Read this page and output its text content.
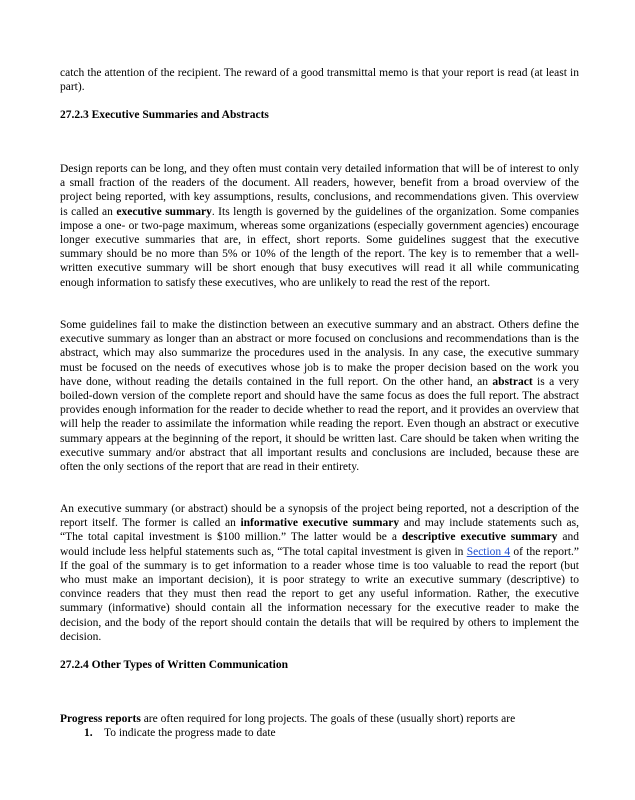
catch the attention of the recipient. The reward of a good transmittal memo is that your report is read (at least in part).

27.2.3 Executive Summaries and Abstracts

Design reports can be long, and they often must contain very detailed information that will be of interest to only a small fraction of the readers of the document. All readers, however, benefit from a broad overview of the project being reported, with key assumptions, results, conclusions, and recommendations given. This overview is called an executive summary. Its length is governed by the guidelines of the organization. Some companies impose a one- or two-page maximum, whereas some organizations (especially government agencies) encourage longer executive summaries that are, in effect, short reports. Some guidelines suggest that the executive summary should be no more than 5% or 10% of the length of the report. The key is to remember that a well-written executive summary will be short enough that busy executives will read it all while communicating enough information to satisfy these executives, who are unlikely to read the rest of the report.

Some guidelines fail to make the distinction between an executive summary and an abstract. Others define the executive summary as longer than an abstract or more focused on conclusions and recommendations than is the abstract, which may also summarize the procedures used in the analysis. In any case, the executive summary must be focused on the needs of executives whose job is to make the proper decision based on the work you have done, without reading the details contained in the full report. On the other hand, an abstract is a very boiled-down version of the complete report and should have the same focus as does the full report. The abstract provides enough information for the reader to decide whether to read the report, and it provides an overview that will help the reader to assimilate the information while reading the report. Even though an abstract or executive summary appears at the beginning of the report, it should be written last. Care should be taken when writing the executive summary and/or abstract that all important results and conclusions are included, because these are often the only sections of the report that are read in their entirety.

An executive summary (or abstract) should be a synopsis of the project being reported, not a description of the report itself. The former is called an informative executive summary and may include statements such as, “The total capital investment is $100 million.” The latter would be a descriptive executive summary and would include less helpful statements such as, “The total capital investment is given in Section 4 of the report.” If the goal of the summary is to get information to a reader whose time is too valuable to read the report (but who must make an important decision), it is poor strategy to write an executive summary (descriptive) to convince readers that they must then read the report to get any useful information. Rather, the executive summary (informative) should contain all the information necessary for the executive reader to make the decision, and the body of the report should contain the details that will be required by others to implement the decision.

27.2.4 Other Types of Written Communication

Progress reports are often required for long projects. The goals of these (usually short) reports are

1. To indicate the progress made to date
